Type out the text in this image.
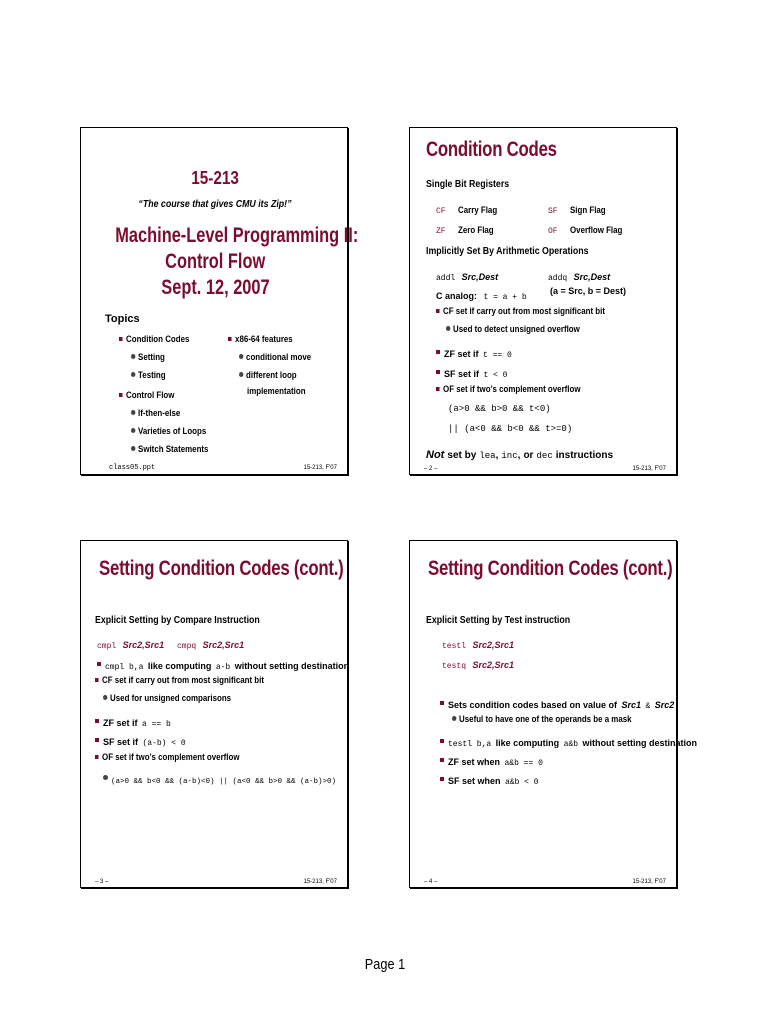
15-213
“The course that gives CMU its Zip!”
Machine-Level Programming II:
Control Flow
Sept. 12, 2007
Topics
Condition Codes
Setting
Testing
Control Flow
If-then-else
Varieties of Loops
Switch Statements
x86-64 features
conditional move
different loop
implementation
class05.ppt	15-213, F'07
Condition Codes
Single Bit Registers
CF Carry Flag	SF Sign Flag
ZF Zero Flag	OF Overflow Flag
Implicitly Set By Arithmetic Operations
addl Src,Dest	addq Src,Dest
C analog: t = a + b
(a = Src, b = Dest)
CF set if carry out from most significant bit
Used to detect unsigned overflow
ZF set if t == 0
SF set if t < 0
OF set if two’s complement overflow
(a>0 && b>0 && t<0)
|| (a<0 && b<0 && t>=0)
Not set by lea, inc, or dec instructions
– 2 –	15-213, F'07
Setting Condition Codes (cont.)
Explicit Setting by Compare Instruction
cmpl Src2,Src1 cmpq Src2,Src1
cmpl b,a like computing a-b without setting destination
CF set if carry out from most significant bit
Used for unsigned comparisons
ZF set if a == b
SF set if (a-b) < 0
OF set if two’s complement overflow
(a>0 && b<0 && (a-b)<0) || (a<0 && b>0 && (a-b)>0)
– 3 –	15-213, F'07
Setting Condition Codes (cont.)
Explicit Setting by Test instruction
testl Src2,Src1
testq Src2,Src1
Sets condition codes based on value of Src1 & Src2
Useful to have one of the operands be a mask
testl b,a like computing a&b without setting destination
ZF set when a&b == 0
SF set when a&b < 0
– 4 –	15-213, F'07
Page 1
